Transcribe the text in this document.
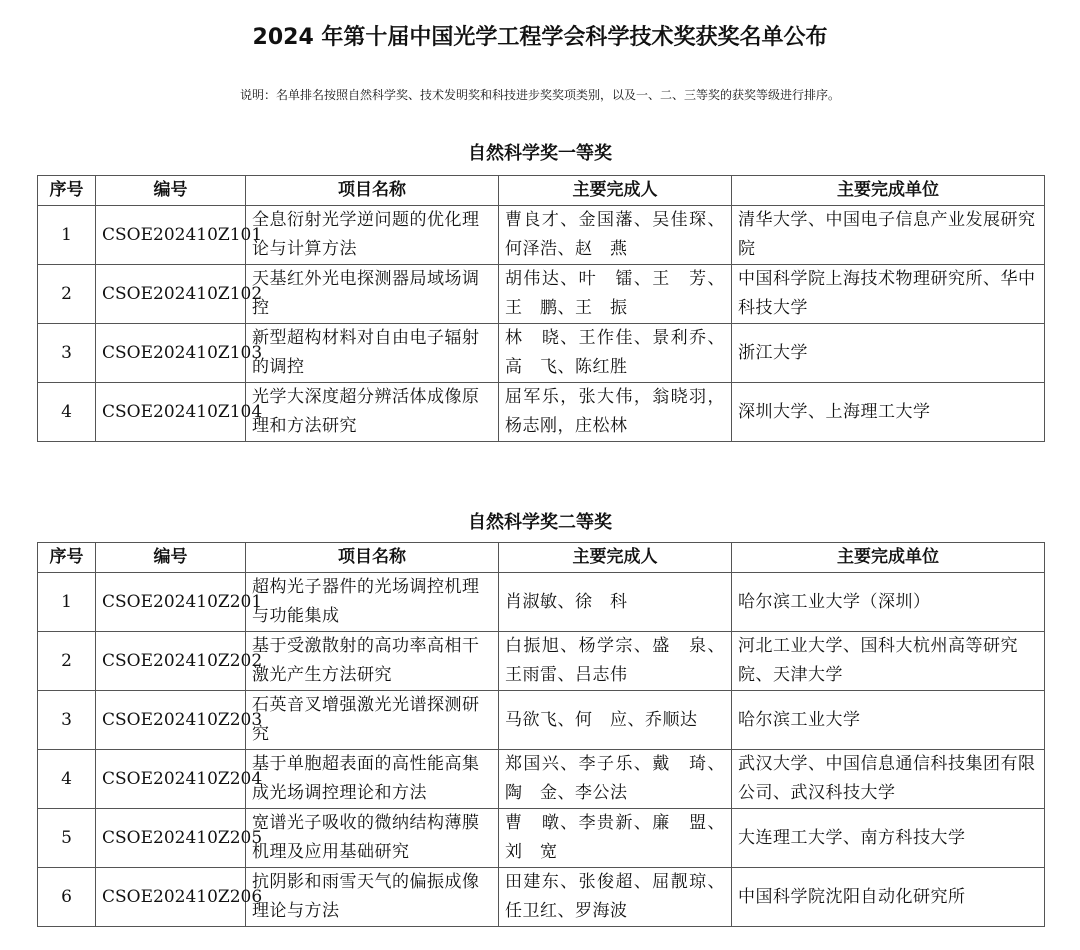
2024 年第十届中国光学工程学会科学技术奖获奖名单公布
说明：名单排名按照自然科学奖、技术发明奖和科技进步奖奖项类别，以及一、二、三等奖的获奖等级进行排序。
自然科学奖一等奖
序号	编号	项目名称	主要完成人	主要完成单位
1	CSOE202410Z101	全息衍射光学逆问题的优化理论与计算方法	曹良才、金国藩、吴佳琛、何泽浩、赵　燕	清华大学、中国电子信息产业发展研究院
2	CSOE202410Z102	天基红外光电探测器局域场调控	胡伟达、叶　镭、王　芳、王　鹏、王　振	中国科学院上海技术物理研究所、华中科技大学
3	CSOE202410Z103	新型超构材料对自由电子辐射的调控	林　晓、王作佳、景利乔、高　飞、陈红胜	浙江大学
4	CSOE202410Z104	光学大深度超分辨活体成像原理和方法研究	屈军乐，张大伟，翁晓羽，杨志刚，庄松林	深圳大学、上海理工大学
自然科学奖二等奖
序号	编号	项目名称	主要完成人	主要完成单位
1	CSOE202410Z201	超构光子器件的光场调控机理与功能集成	肖淑敏、徐　科	哈尔滨工业大学（深圳）
2	CSOE202410Z202	基于受激散射的高功率高相干激光产生方法研究	白振旭、杨学宗、盛　泉、王雨雷、吕志伟	河北工业大学、国科大杭州高等研究院、天津大学
3	CSOE202410Z203	石英音叉增强激光光谱探测研究	马欲飞、何　应、乔顺达	哈尔滨工业大学
4	CSOE202410Z204	基于单胞超表面的高性能高集成光场调控理论和方法	郑国兴、李子乐、戴　琦、陶　金、李公法	武汉大学、中国信息通信科技集团有限公司、武汉科技大学
5	CSOE202410Z205	宽谱光子吸收的微纳结构薄膜机理及应用基础研究	曹　暾、李贵新、廉　盟、刘　宽	大连理工大学、南方科技大学
6	CSOE202410Z206	抗阴影和雨雪天气的偏振成像理论与方法	田建东、张俊超、屈靓琼、任卫红、罗海波	中国科学院沈阳自动化研究所
